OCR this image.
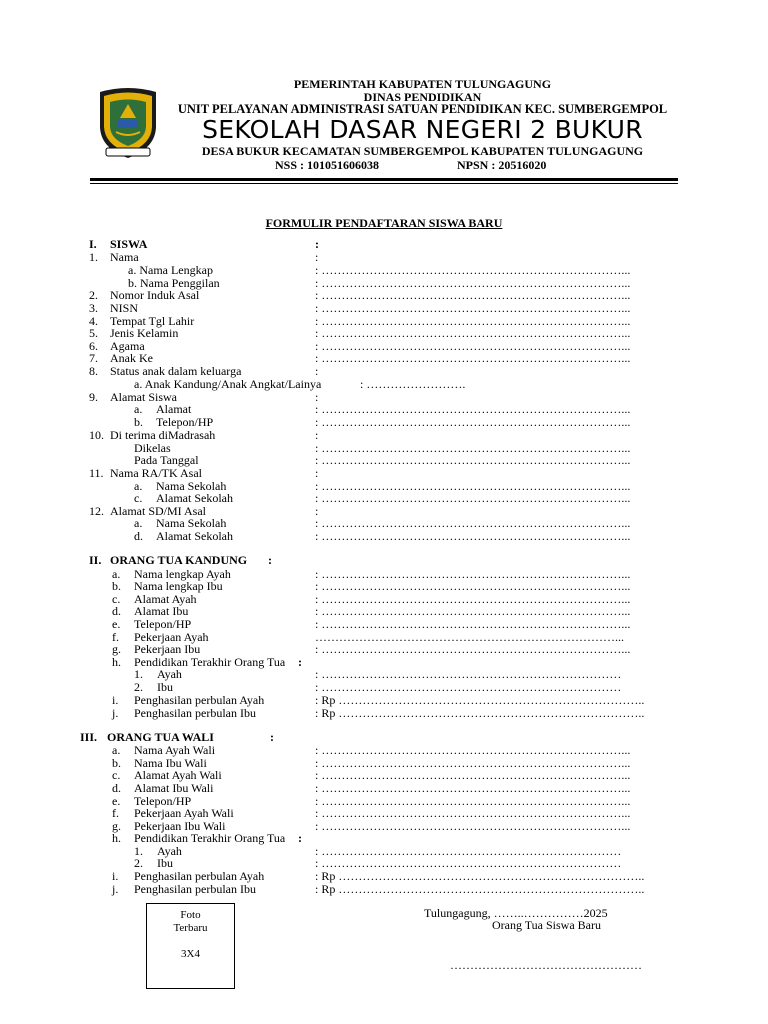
PEMERINTAH KABUPATEN TULUNGAGUNG
DINAS PENDIDIKAN
UNIT PELAYANAN ADMINISTRASI SATUAN PENDIDIKAN KEC. SUMBERGEMPOL
SEKOLAH DASAR NEGERI 2 BUKUR
DESA BUKUR KECAMATAN SUMBERGEMPOL KABUPATEN TULUNGAGUNG
NSS : 101051606038	NPSN : 20516020
FORMULIR PENDAFTARAN SISWA BARU
I. SISWA	:
1. Nama	:
a. Nama Lengkap	: …………………………………………………………………...
b. Nama Penggilan	: …………………………………………………………………...
2. Nomor Induk Asal	: …………………………………………………………………...
3. NISN	: …………………………………………………………………...
4. Tempat Tgl Lahir	: …………………………………………………………………...
5. Jenis Kelamin	: …………………………………………………………………...
6. Agama	: …………………………………………………………………...
7. Anak Ke	: …………………………………………………………………...
8. Status anak dalam keluarga	:
a. Anak Kandung/Anak Angkat/Lainya	: …………………….
9. Alamat Siswa	:
a. Alamat	: …………………………………………………………………...
b. Telepon/HP	: …………………………………………………………………...
10. Di terima diMadrasah	:
Dikelas	: …………………………………………………………………...
Pada Tanggal	: …………………………………………………………………...
11. Nama RA/TK Asal	:
a. Nama Sekolah	: …………………………………………………………………...
c. Alamat Sekolah	: …………………………………………………………………...
12. Alamat SD/MI Asal	:
a. Nama Sekolah	: …………………………………………………………………...
d. Alamat Sekolah	: …………………………………………………………………...
II. ORANG TUA KANDUNG :
a. Nama lengkap Ayah	: …………………………………………………………………...
b. Nama lengkap Ibu	: …………………………………………………………………...
c. Alamat Ayah	: …………………………………………………………………...
d. Alamat Ibu	: …………………………………………………………………...
e. Telepon/HP	: …………………………………………………………………...
f. Pekerjaan Ayah	…………………………………………………………………...
g. Pekerjaan Ibu	: …………………………………………………………………...
h. Pendidikan Terakhir Orang Tua :
1. Ayah	: …………………………………………………………………
2. Ibu	: …………………………………………………………………
i. Penghasilan perbulan Ayah	: Rp …………………………………………………………………..
j. Penghasilan perbulan Ibu	: Rp …………………………………………………………………..
III. ORANG TUA WALI	:
a. Nama Ayah Wali	: …………………………………………………………………...
b. Nama Ibu Wali	: …………………………………………………………………...
c. Alamat Ayah Wali	: …………………………………………………………………...
d. Alamat Ibu Wali	: …………………………………………………………………...
e. Telepon/HP	: …………………………………………………………………...
f. Pekerjaan Ayah Wali	: …………………………………………………………………...
g. Pekerjaan Ibu Wali	: …………………………………………………………………...
h. Pendidikan Terakhir Orang Tua :
1. Ayah	: …………………………………………………………………
2. Ibu	: …………………………………………………………………
i. Penghasilan perbulan Ayah	: Rp …………………………………………………………………..
j. Penghasilan perbulan Ibu	: Rp …………………………………………………………………..
Foto
Terbaru
3X4
Tulungagung, ……..……………2025
Orang Tua Siswa Baru
…………………………………………
